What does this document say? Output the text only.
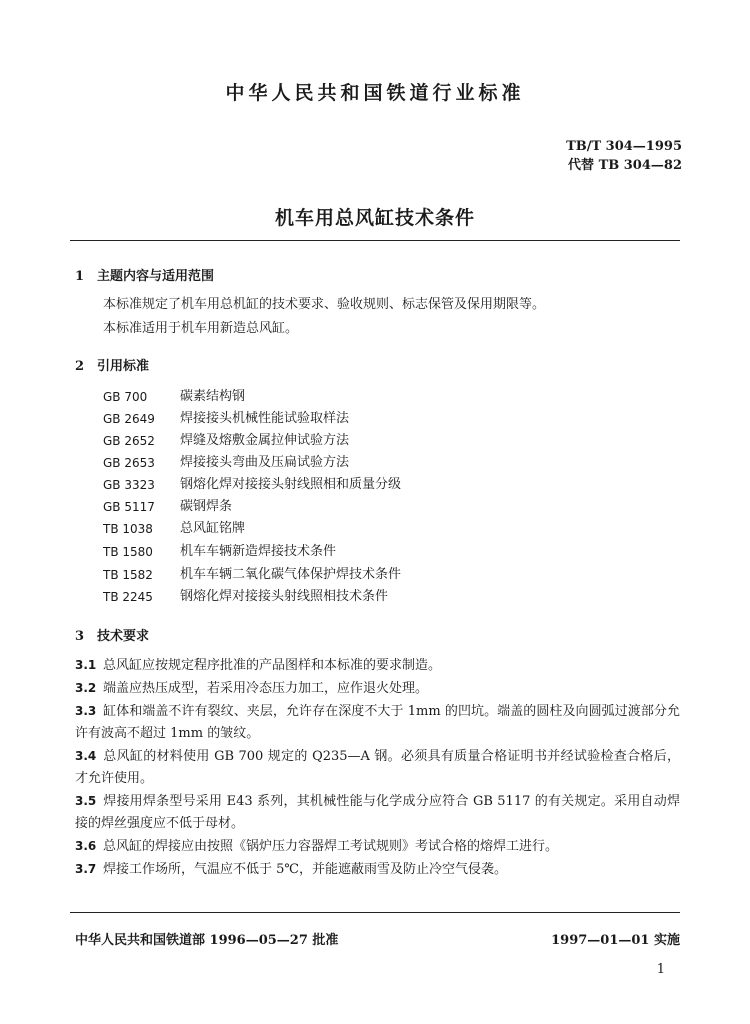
中华人民共和国铁道行业标准
TB/T 304—1995
代替 TB 304—82
机车用总风缸技术条件
1 主题内容与适用范围
本标准规定了机车用总机缸的技术要求、验收规则、标志保管及保用期限等。
本标准适用于机车用新造总风缸。
2 引用标准
GB 700	碳素结构钢
GB 2649	焊接接头机械性能试验取样法
GB 2652	焊缝及熔敷金属拉伸试验方法
GB 2653	焊接接头弯曲及压扁试验方法
GB 3323	钢熔化焊对接接头射线照相和质量分级
GB 5117	碳钢焊条
TB 1038	总风缸铭牌
TB 1580	机车车辆新造焊接技术条件
TB 1582	机车车辆二氧化碳气体保护焊技术条件
TB 2245	钢熔化焊对接接头射线照相技术条件
3 技术要求
3.1 总风缸应按规定程序批准的产品图样和本标准的要求制造。
3.2 端盖应热压成型，若采用冷态压力加工，应作退火处理。
3.3 缸体和端盖不许有裂纹、夹层，允许存在深度不大于 1mm 的凹坑。端盖的圆柱及向圆弧过渡部分允许有波高不超过 1mm 的皱纹。
3.4 总风缸的材料使用 GB 700 规定的 Q235—A 钢。必须具有质量合格证明书并经试验检查合格后，才允许使用。
3.5 焊接用焊条型号采用 E43 系列，其机械性能与化学成分应符合 GB 5117 的有关规定。采用自动焊接的焊丝强度应不低于母材。
3.6 总风缸的焊接应由按照《锅炉压力容器焊工考试规则》考试合格的熔焊工进行。
3.7 焊接工作场所，气温应不低于 5℃，并能遮蔽雨雪及防止冷空气侵袭。
中华人民共和国铁道部 1996—05—27 批准	1997—01—01 实施
1
